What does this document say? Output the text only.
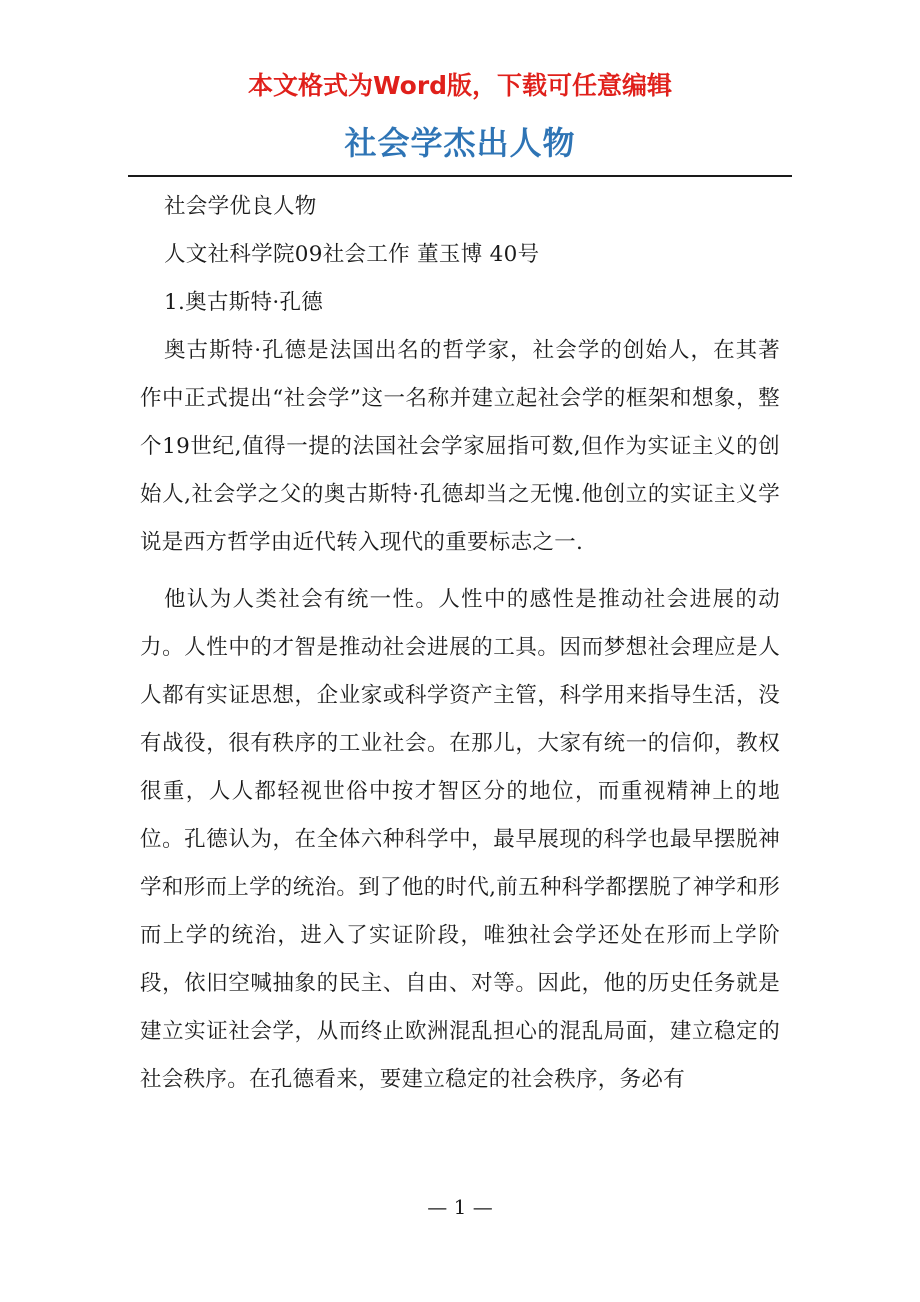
本文格式为Word版，下载可任意编辑
社会学杰出人物
社会学优良人物
人文社科学院09社会工作 董玉博 40号
1.奥古斯特·孔德

奥古斯特·孔德是法国出名的哲学家，社会学的创始人，在其著作中正式提出“社会学”这一名称并建立起社会学的框架和想象，整个19世纪,值得一提的法国社会学家屈指可数,但作为实证主义的创始人,社会学之父的奥古斯特·孔德却当之无愧.他创立的实证主义学说是西方哲学由近代转入现代的重要标志之一.

他认为人类社会有统一性。人性中的感性是推动社会进展的动力。人性中的才智是推动社会进展的工具。因而梦想社会理应是人人都有实证思想，企业家或科学资产主管，科学用来指导生活，没有战役，很有秩序的工业社会。在那儿，大家有统一的信仰，教权很重，人人都轻视世俗中按才智区分的地位，而重视精神上的地位。孔德认为，在全体六种科学中，最早展现的科学也最早摆脱神学和形而上学的统治。到了他的时代,前五种科学都摆脱了神学和形而上学的统治，进入了实证阶段，唯独社会学还处在形而上学阶段，依旧空喊抽象的民主、自由、对等。因此，他的历史任务就是建立实证社会学，从而终止欧洲混乱担心的混乱局面，建立稳定的社会秩序。在孔德看来，要建立稳定的社会秩序，务必有

— 1 —
